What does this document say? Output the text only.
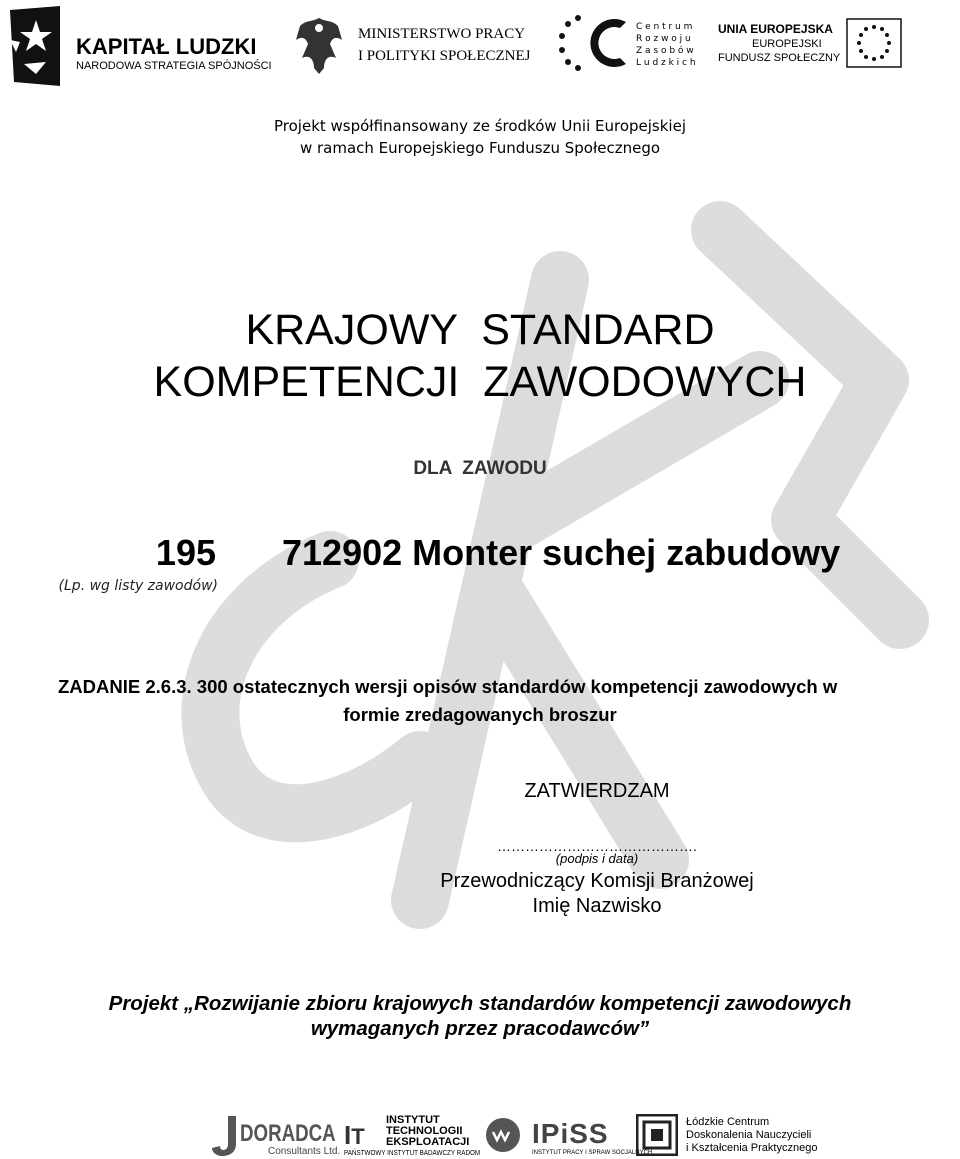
KAPITAŁ LUDZKI
NARODOWA STRATEGIA SPÓJNOŚCI
MINISTERSTWO PRACY
I POLITYKI SPOŁECZNEJ
C e n t r u m
R o z w o j u
Z a s o b ó w
L u d z k i c h
UNIA EUROPEJSKA
EUROPEJSKI
FUNDUSZ SPOŁECZNY
Projekt współfinansowany ze środków Unii Europejskiej
w ramach Europejskiego Funduszu Społecznego
KRAJOWY  STANDARD
KOMPETENCJI  ZAWODOWYCH
DLA  ZAWODU
195
(Lp. wg listy zawodów)
712902 Monter suchej zabudowy
ZADANIE 2.6.3. 300 ostatecznych wersji opisów standardów kompetencji zawodowych w
formie zredagowanych broszur
ZATWIERDZAM
…………………………………….
(podpis i data)
Przewodniczący Komisji Branżowej
Imię Nazwisko
Projekt „Rozwijanie zbioru krajowych standardów kompetencji zawodowych
wymaganych przez pracodawców”
DORADCA
Consultants Ltd.
IT
INSTYTUT
TECHNOLOGII
EKSPLOATACJI
PAŃSTWOWY INSTYTUT BADAWCZY RADOM
IPiSS
INSTYTUT PRACY I SPRAW SOCJALNYCH
Łódzkie Centrum
Doskonalenia Nauczycieli
i Kształcenia Praktycznego
